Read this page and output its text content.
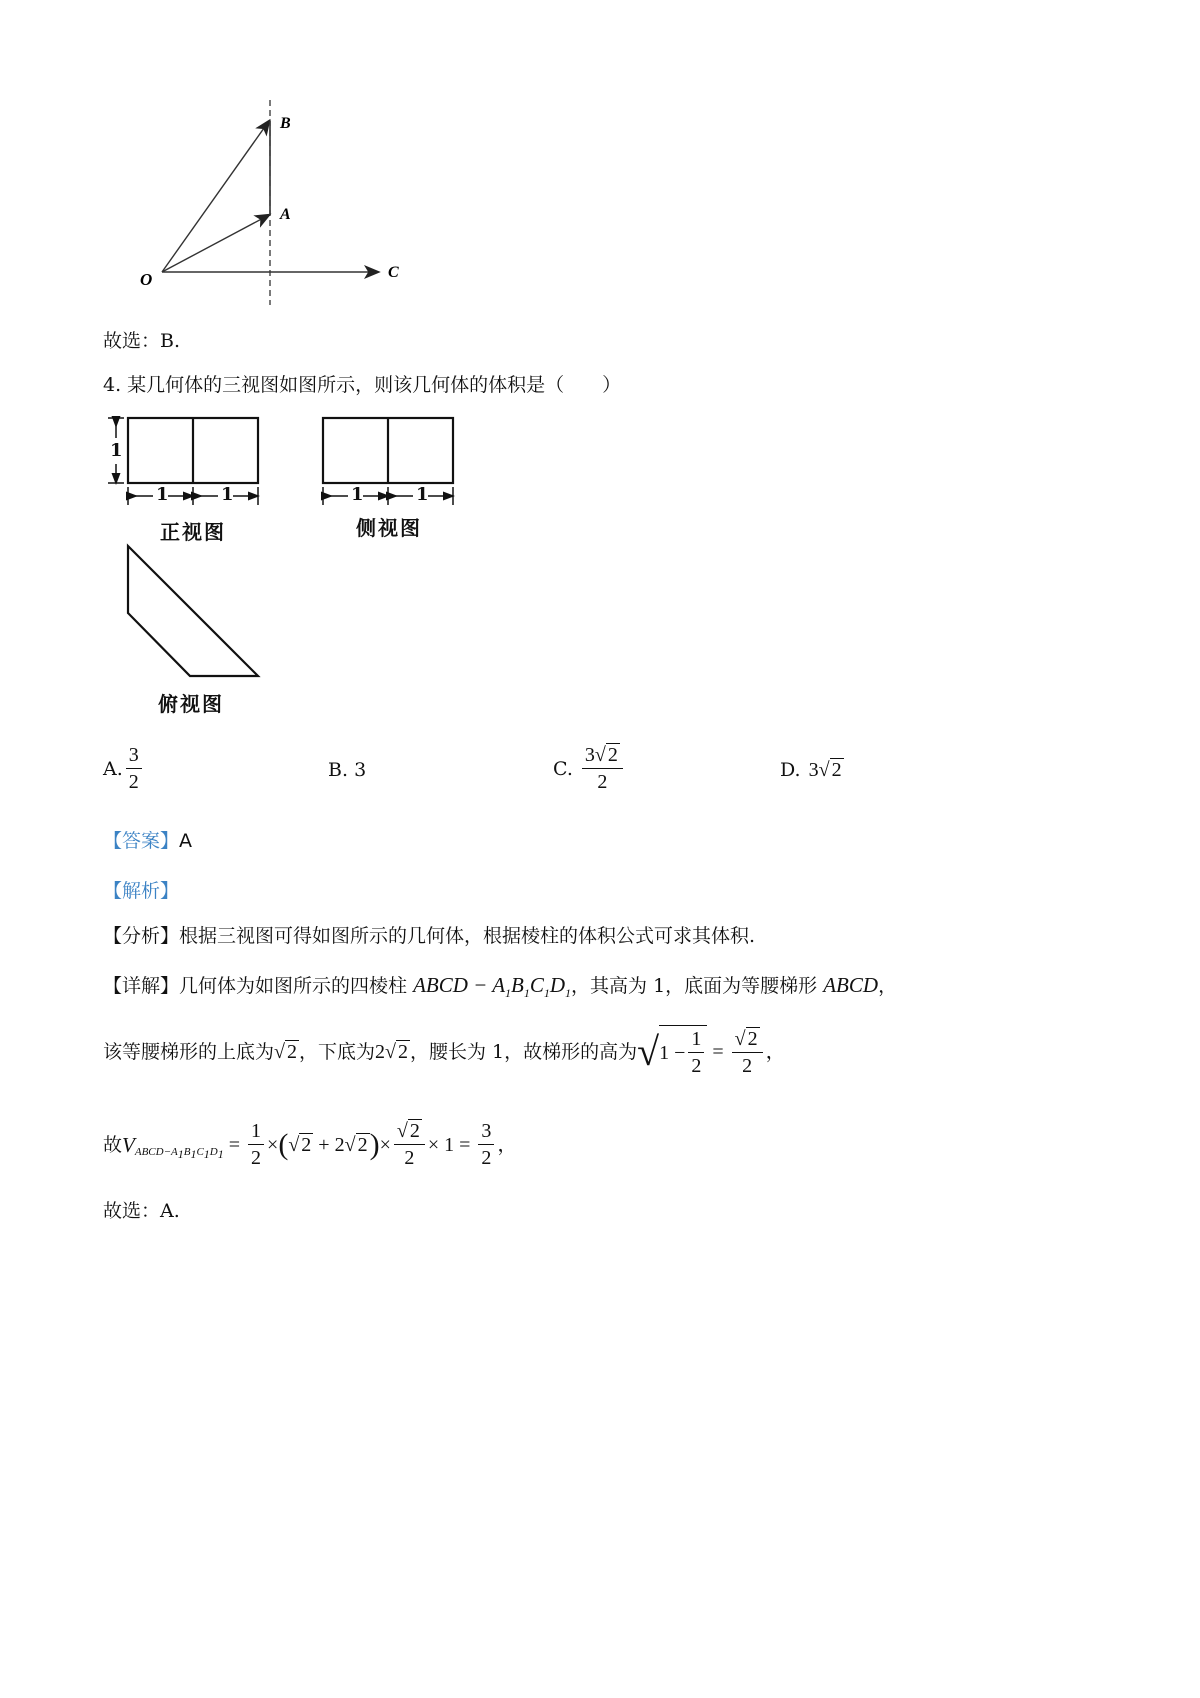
O
A
B
C
故选：B.
4. 某几何体的三视图如图所示，则该几何体的体积是（　　）
1
1	1
正视图
1	1
侧视图
俯视图
A. $\frac{3}{2}$	B. 3	C. $\frac{3√ 2}{2}$	D. 3√ 2
【答案】A
【解析】
【分析】根据三视图可得如图所示的几何体，根据棱柱的体积公式可求其体积.
【详解】几何体为如图所示的四棱柱 ABCD − $A_1B_1C_1D_1$，其高为 1，底面为等腰梯形 ABCD，
该等腰梯形的上底为 √ 2 ，下底为 2√ 2 ，腰长为 1，故梯形的高为 √ $1 - \frac{1}{2} = \frac{√ 2}{2}$ ，
故 V $ABCD-A_1B_1C_1D_1 = \frac{1}{2}$ × ( √ 2 + 2 √ 2 ) × $\frac{√ 2}{2} \times 1 = \frac{3}{2}$ ，
故选：A.
